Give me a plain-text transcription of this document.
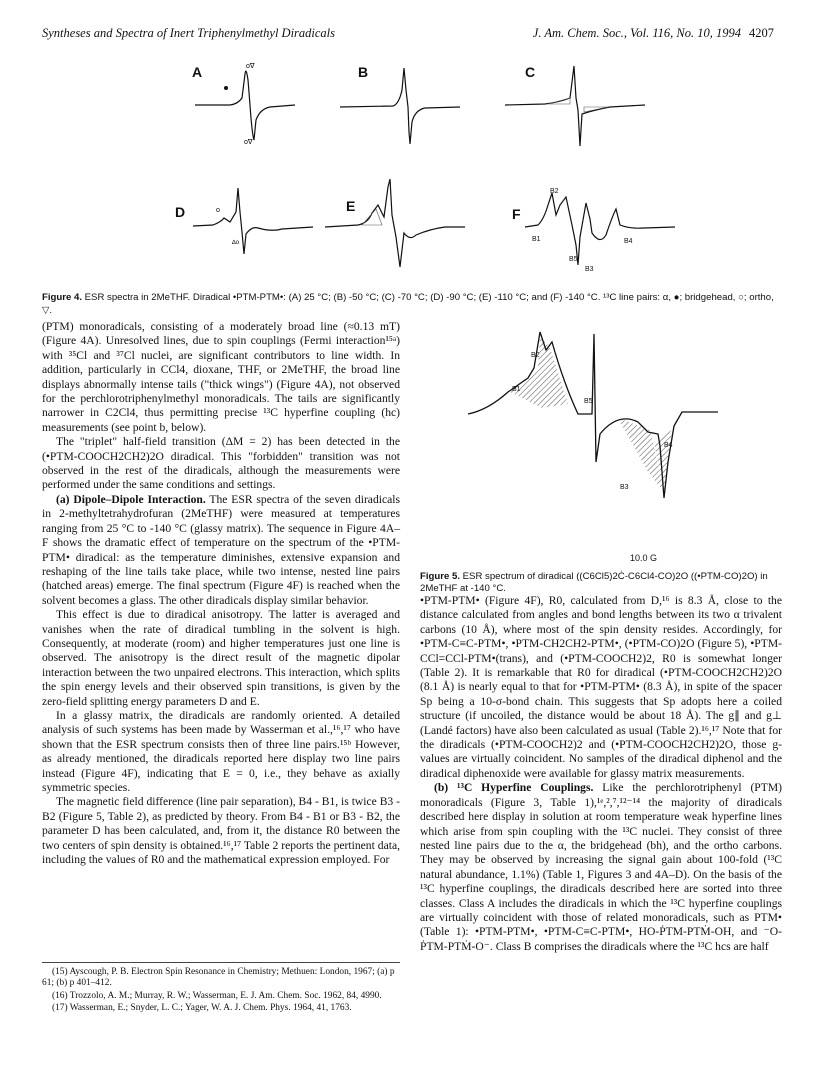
Syntheses and Spectra of Inert Triphenylmethyl Diradicals	J. Am. Chem. Soc., Vol. 116, No. 10, 1994 4207
A	o∇
o∇
B	C
D	o
∆o
E	F
B2
B1
B3
B5
B4
Figure 4. ESR spectra in 2MeTHF. Diradical •PTM-PTM•: (A) 25 °C; (B) -50 °C; (C) -70 °C; (D) -90 °C; (E) -110 °C; and (F) -140 °C. ¹³C line pairs: α, ●; bridgehead, ○; ortho, ▽.

(PTM) monoradicals, consisting of a moderately broad line (≈0.13 mT) (Figure 4A). Unresolved lines, due to spin couplings (Fermi interaction¹⁵ᵃ) with ³⁵Cl and ³⁷Cl nuclei, are significant contributors to line width. In addition, particularly in CCl4, dioxane, THF, or 2MeTHF, the broad line displays abnormally intense tails ("thick wings") (Figure 4A), not observed for the perchlorotriphenylmethyl monoradicals. The tails are significantly narrower in C2Cl4, thus permitting precise ¹³C hyperfine coupling (hc) measurements (see point b, below).

The "triplet" half-field transition (ΔM = 2) has been detected in the (•PTM-COOCH2CH2)2O diradical. This "forbidden" transition was not observed in the rest of the diradicals, although the measurements were performed under the same conditions and settings.

(a) Dipole–Dipole Interaction. The ESR spectra of the seven diradicals in 2-methyltetrahydrofuran (2MeTHF) were measured at temperatures ranging from 25 °C to -140 °C (glassy matrix). The sequence in Figure 4A–F shows the dramatic effect of temperature on the spectrum of the •PTM-PTM• diradical: as the temperature diminishes, extensive expansion and reshaping of the line tails take place, while two intense, nested line pairs (hatched areas) emerge. The final spectrum (Figure 4F) is reached when the solvent becomes a glass. The other diradicals display similar behavior.

This effect is due to diradical anisotropy. The latter is averaged and vanishes when the rate of diradical tumbling in the solvent is high. Consequently, at moderate (room) and higher temperatures just one line is observed. The anisotropy is the direct result of the magnetic dipolar interaction between the two unpaired electrons. This interaction, which splits the spin energy levels and their observed spin transitions, is given by the zero-field splitting energy parameters D and E.

In a glassy matrix, the diradicals are randomly oriented. A detailed analysis of such systems has been made by Wasserman et al.,¹⁶,¹⁷ who have shown that the ESR spectrum consists then of three line pairs.¹⁵ᵇ However, as already mentioned, the diradicals reported here display two line pairs instead (Figure 4F), indicating that E = 0, i.e., they behave as axially symmetric species.

The magnetic field difference (line pair separation), B4 - B1, is twice B3 - B2 (Figure 5, Table 2), as predicted by theory. From B4 - B1 or B3 - B2, the parameter D has been calculated, and, from it, the distance R0 between the two centers of spin density is obtained.¹⁶,¹⁷ Table 2 reports the pertinent data, including the values of R0 and the mathematical expression employed. For

B2
B1
B5
B4
B3
10.0 G
Figure 5. ESR spectrum of diradical ((C6Cl5)2Ċ-C6Cl4-CO)2O ((•PTM-CO)2O) in 2MeTHF at -140 °C.

•PTM-PTM• (Figure 4F), R0, calculated from D,¹⁶ is 8.3 Å, close to the distance calculated from angles and bond lengths between its two α trivalent carbons (10 Å), where most of the spin density resides. Accordingly, for •PTM-C≡C-PTM•, •PTM-CH2CH2-PTM•, (•PTM-CO)2O (Figure 5), •PTM-CCl=CCl-PTM•(trans), and (•PTM-COOCH2)2, R0 is somewhat longer (Table 2). It is remarkable that R0 for diradical (•PTM-COOCH2CH2)2O (8.1 Å) is nearly equal to that for •PTM-PTM• (8.3 Å), in spite of the spacer Sp being a 10-σ-bond chain. This suggests that Sp adopts here a coiled structure (if uncoiled, the distance would be about 18 Å). The g∥ and g⊥ (Landé factors) have also been calculated as usual (Table 2).¹⁶,¹⁷ Note that for the diradicals (•PTM-COOCH2)2 and (•PTM-COOCH2CH2)2O, those g-values are virtually coincident. No samples of the diradical diphenol and the diradical diphenoxide were available for glassy matrix measurements.

(b) ¹³C Hyperfine Couplings. Like the perchlorotriphenyl (PTM) monoradicals (Figure 3, Table 1),¹ᵉ,²,⁷,¹²⁻¹⁴ the majority of diradicals described here display in solution at room temperature weak hyperfine lines which arise from spin coupling with the ¹³C nuclei. They consist of three nested line pairs due to the α, the bridgehead (bh), and the ortho carbons. They may be observed by increasing the signal gain about 100-fold (¹³C natural abundance, 1.1%) (Table 1, Figures 3 and 4A–D). On the basis of the ¹³C hyperfine couplings, the diradicals described here are sorted into three classes. Class A includes the diradicals in which the ¹³C hyperfine couplings are virtually coincident with those of related monoradicals, such as PTM• (Table 1): •PTM-PTM•, •PTM-C≡C-PTM•, HO-ṖTM-PTṀ-OH, and ⁻O-ṖTM-PTṀ-O⁻. Class B comprises the diradicals where the ¹³C hcs are half

(15) Ayscough, P. B. Electron Spin Resonance in Chemistry; Methuen: London, 1967; (a) p 61; (b) p 401–412.

(16) Trozzolo, A. M.; Murray, R. W.; Wasserman, E. J. Am. Chem. Soc. 1962, 84, 4990.

(17) Wasserman, E.; Snyder, L. C.; Yager, W. A. J. Chem. Phys. 1964, 41, 1763.
